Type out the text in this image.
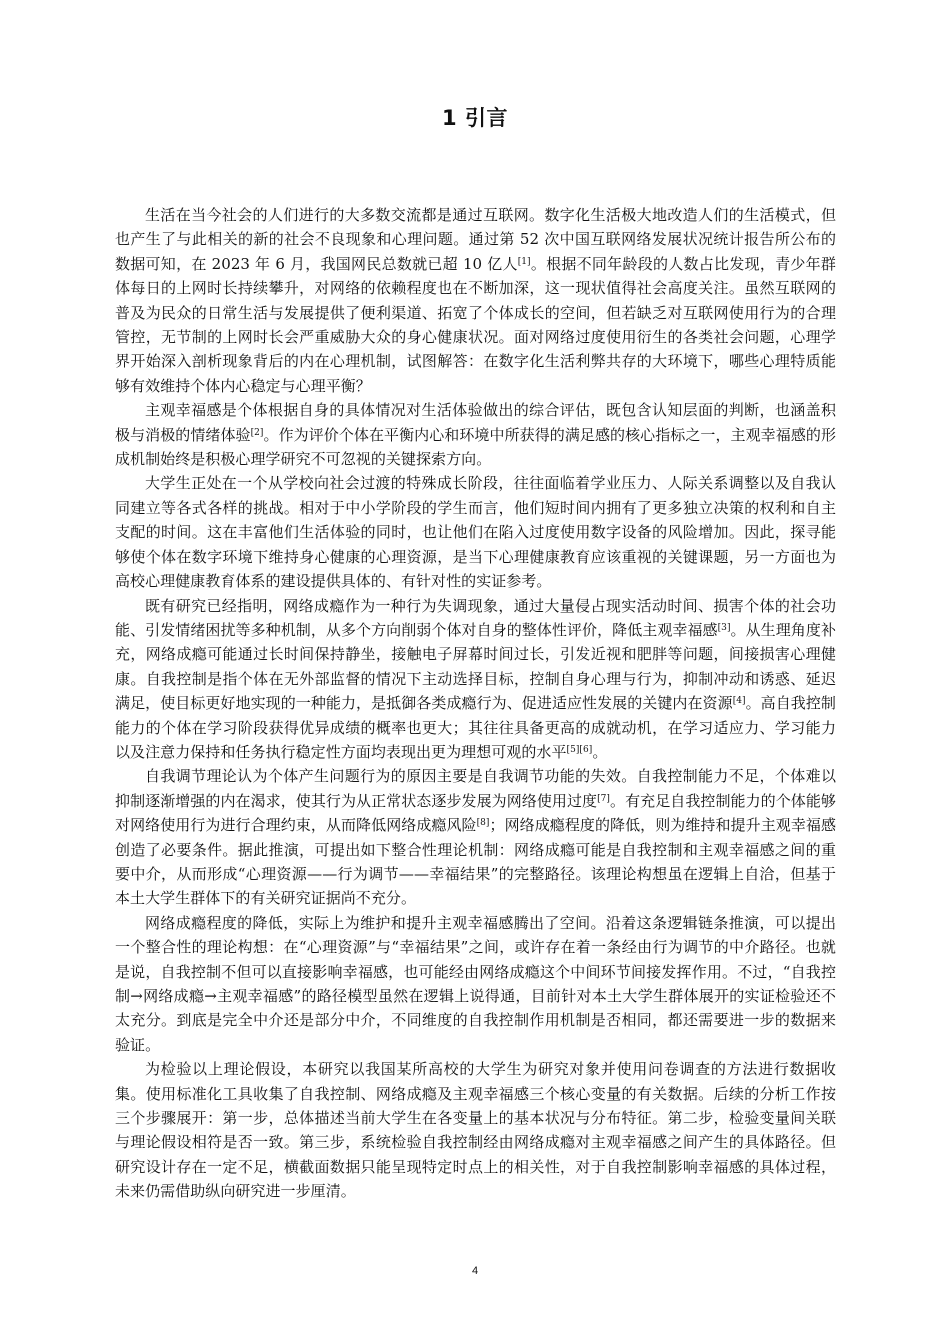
1 引言

生活在当今社会的人们进行的大多数交流都是通过互联网。数字化生活极大地改造人们的生活模式，但也产生了与此相关的新的社会不良现象和心理问题。通过第 52 次中国互联网络发展状况统计报告所公布的数据可知，在 2023 年 6 月，我国网民总数就已超 10 亿人[1]。根据不同年龄段的人数占比发现，青少年群体每日的上网时长持续攀升，对网络的依赖程度也在不断加深，这一现状值得社会高度关注。虽然互联网的普及为民众的日常生活与发展提供了便利渠道、拓宽了个体成长的空间，但若缺乏对互联网使用行为的合理管控，无节制的上网时长会严重威胁大众的身心健康状况。面对网络过度使用衍生的各类社会问题，心理学界开始深入剖析现象背后的内在心理机制，试图解答：在数字化生活利弊共存的大环境下，哪些心理特质能够有效维持个体内心稳定与心理平衡？

主观幸福感是个体根据自身的具体情况对生活体验做出的综合评估，既包含认知层面的判断，也涵盖积极与消极的情绪体验[2]。作为评价个体在平衡内心和环境中所获得的满足感的核心指标之一，主观幸福感的形成机制始终是积极心理学研究不可忽视的关键探索方向。

大学生正处在一个从学校向社会过渡的特殊成长阶段，往往面临着学业压力、人际关系调整以及自我认同建立等各式各样的挑战。相对于中小学阶段的学生而言，他们短时间内拥有了更多独立决策的权利和自主支配的时间。这在丰富他们生活体验的同时，也让他们在陷入过度使用数字设备的风险增加。因此，探寻能够使个体在数字环境下维持身心健康的心理资源，是当下心理健康教育应该重视的关键课题，另一方面也为高校心理健康教育体系的建设提供具体的、有针对性的实证参考。

既有研究已经指明，网络成瘾作为一种行为失调现象，通过大量侵占现实活动时间、损害个体的社会功能、引发情绪困扰等多种机制，从多个方向削弱个体对自身的整体性评价，降低主观幸福感[3]。从生理角度补充，网络成瘾可能通过长时间保持静坐，接触电子屏幕时间过长，引发近视和肥胖等问题，间接损害心理健康。自我控制是指个体在无外部监督的情况下主动选择目标，控制自身心理与行为，抑制冲动和诱惑、延迟满足，使目标更好地实现的一种能力，是抵御各类成瘾行为、促进适应性发展的关键内在资源[4]。高自我控制能力的个体在学习阶段获得优异成绩的概率也更大；其往往具备更高的成就动机，在学习适应力、学习能力以及注意力保持和任务执行稳定性方面均表现出更为理想可观的水平[5][6]。

自我调节理论认为个体产生问题行为的原因主要是自我调节功能的失效。自我控制能力不足，个体难以抑制逐渐增强的内在渴求，使其行为从正常状态逐步发展为网络使用过度[7]。有充足自我控制能力的个体能够对网络使用行为进行合理约束，从而降低网络成瘾风险[8]；网络成瘾程度的降低，则为维持和提升主观幸福感创造了必要条件。据此推演，可提出如下整合性理论机制：网络成瘾可能是自我控制和主观幸福感之间的重要中介，从而形成“心理资源——行为调节——幸福结果”的完整路径。该理论构想虽在逻辑上自洽，但基于本土大学生群体下的有关研究证据尚不充分。

网络成瘾程度的降低，实际上为维护和提升主观幸福感腾出了空间。沿着这条逻辑链条推演，可以提出一个整合性的理论构想：在“心理资源”与“幸福结果”之间，或许存在着一条经由行为调节的中介路径。也就是说，自我控制不但可以直接影响幸福感，也可能经由网络成瘾这个中间环节间接发挥作用。不过，“自我控制→网络成瘾→主观幸福感”的路径模型虽然在逻辑上说得通，目前针对本土大学生群体展开的实证检验还不太充分。到底是完全中介还是部分中介，不同维度的自我控制作用机制是否相同，都还需要进一步的数据来验证。

为检验以上理论假设，本研究以我国某所高校的大学生为研究对象并使用问卷调查的方法进行数据收集。使用标准化工具收集了自我控制、网络成瘾及主观幸福感三个核心变量的有关数据。后续的分析工作按三个步骤展开：第一步，总体描述当前大学生在各变量上的基本状况与分布特征。第二步，检验变量间关联与理论假设相符是否一致。第三步，系统检验自我控制经由网络成瘾对主观幸福感之间产生的具体路径。但研究设计存在一定不足，横截面数据只能呈现特定时点上的相关性，对于自我控制影响幸福感的具体过程，未来仍需借助纵向研究进一步厘清。

4
